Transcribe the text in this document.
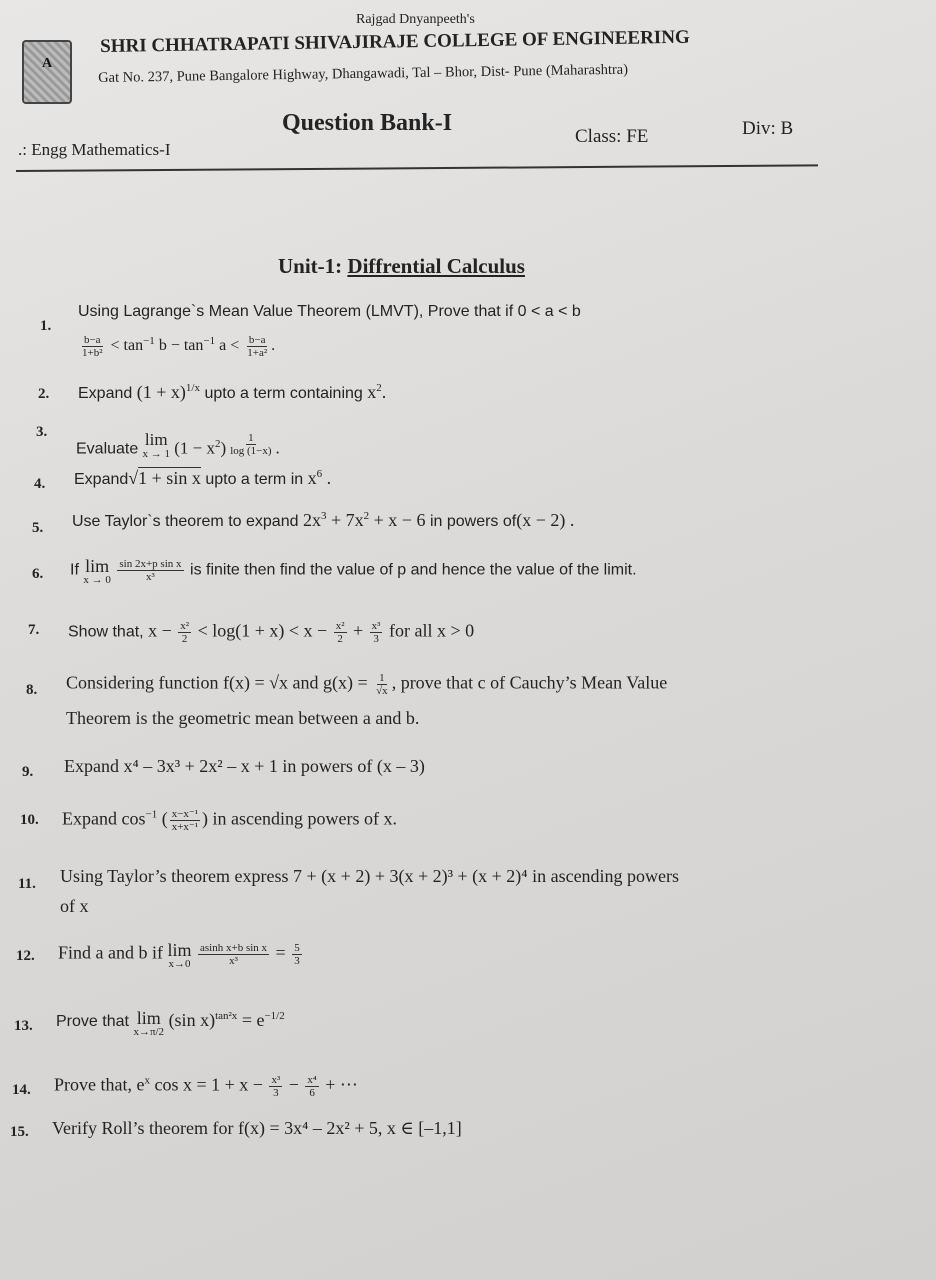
A
Rajgad Dnyanpeeth's
SHRI CHHATRAPATI SHIVAJIRAJE COLLEGE OF ENGINEERING
Gat No. 237, Pune Bangalore Highway, Dhangawadi, Tal – Bhor, Dist- Pune (Maharashtra)
Question Bank-I
.: Engg Mathematics-I
Class: FE	Div: B
Unit-1: Diffrential Calculus
1.
2.
3.
4.
5.
6.
7.
8.
9.
10.
11.
12.
13.
14.
15.
Using Lagrange`s Mean Value Theorem (LMVT), Prove that if 0 < a < b
$\frac{b-a}{\text{1+b²}} < \tan^{-1} b - \tan^{-1} a < \frac{b-a}{\text{1+a²}}$ .
Expand $(1 + x)^{1/x}$ upto a term containing $x^2$.
Evaluate
lim
x → 1 $(1 - x^2)$ $^{\frac{1}{\log (1-x)}}$ .
Expand√1 + sin x upto a term in $x^6$ .
Use Taylor`s theorem to expand $2x^3 + 7x^2 + x - 6$ in powers of(x − 2) .
If lim
x → 0
$\frac{\text{sin 2x+p sin x}}{\text{x³}}$ is finite then find the value of p and hence the value of the limit.
Show that, $x - \frac{\text{x²}}{2} < \log(1 + x) < x - \frac{\text{x²}}{2} + \frac{\text{x³}}{3}$ for all x > 0
Considering function f(x) = √x and $g(x) = \frac{1}{√x}$ , prove that c of Cauchy’s Mean Value
Theorem is the geometric mean between a and b.
Expand x⁴ – 3x³ + 2x² – x + 1 in powers of (x – 3)
Expand $\cos^{-1}$ ( $\frac{\text{x−x⁻¹}}{\text{x+x⁻¹}}$ ) in ascending powers of x.
Using Taylor’s theorem express 7 + (x + 2) + 3(x + 2)³ + (x + 2)⁴ in ascending powers
of x
Find a and b if lim
x→0
$\frac{\text{asinh x+b sin x}}{\text{x³}} = \frac{5}{3}$
Prove that lim
x→π/2
(sin $x)^{tan^2x} = e^{-1/2}$
Prove that, $e^x$ $\cos x = 1 + x - \frac{\text{x³}}{3} - \frac{\text{x⁴}}{6}$ + ⋯
Verify Roll’s theorem for f(x) = 3x⁴ – 2x² + 5, x ∈ [–1,1]
